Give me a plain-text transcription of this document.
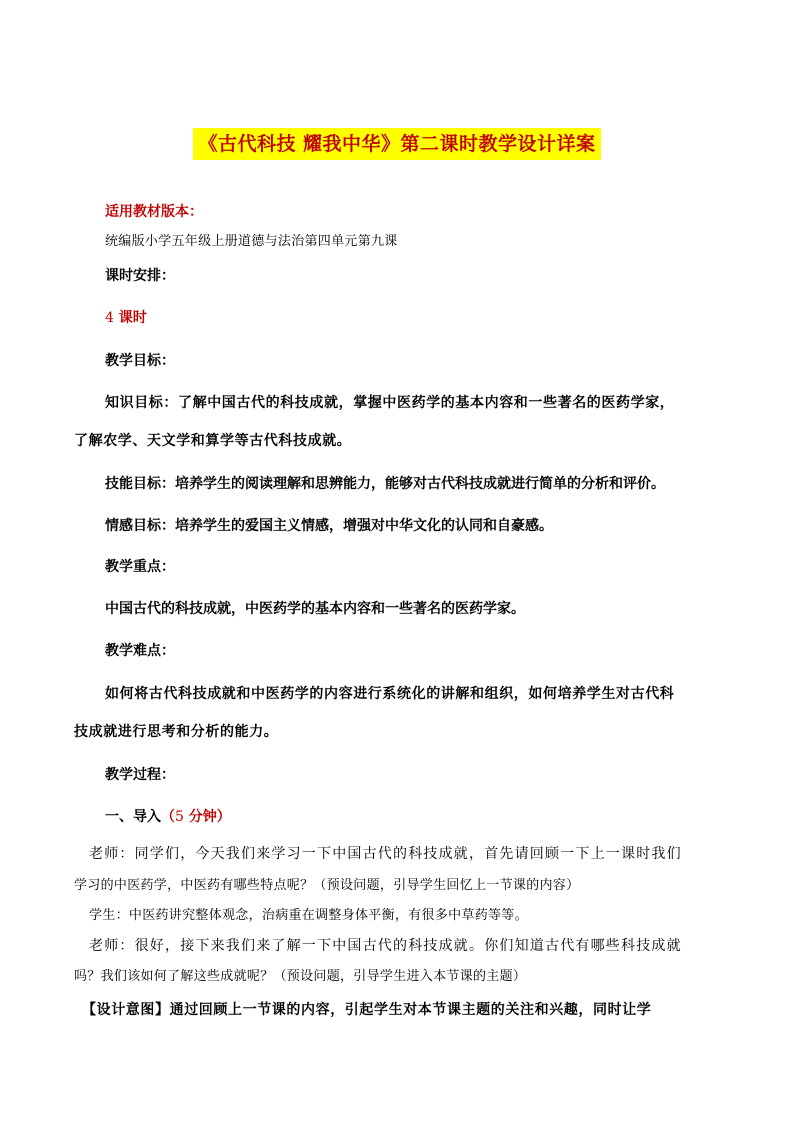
《古代科技 耀我中华》第二课时教学设计详案
适用教材版本：
统编版小学五年级上册道德与法治第四单元第九课
课时安排：
4 课时
教学目标：
知识目标：了解中国古代的科技成就，掌握中医药学的基本内容和一些著名的医药学家，
了解农学、天文学和算学等古代科技成就。
技能目标：培养学生的阅读理解和思辨能力，能够对古代科技成就进行简单的分析和评价。
情感目标：培养学生的爱国主义情感，增强对中华文化的认同和自豪感。
教学重点：
中国古代的科技成就，中医药学的基本内容和一些著名的医药学家。
教学难点：
如何将古代科技成就和中医药学的内容进行系统化的讲解和组织，如何培养学生对古代科
技成就进行思考和分析的能力。
教学过程：
一、导入（5 分钟）
老师：同学们，今天我们来学习一下中国古代的科技成就，首先请回顾一下上一课时我们
学习的中医药学，中医药有哪些特点呢？（预设问题，引导学生回忆上一节课的内容）
学生：中医药讲究整体观念，治病重在调整身体平衡，有很多中草药等等。
老师：很好，接下来我们来了解一下中国古代的科技成就。你们知道古代有哪些科技成就
吗？我们该如何了解这些成就呢？（预设问题，引导学生进入本节课的主题）
【设计意图】通过回顾上一节课的内容，引起学生对本节课主题的关注和兴趣，同时让学
